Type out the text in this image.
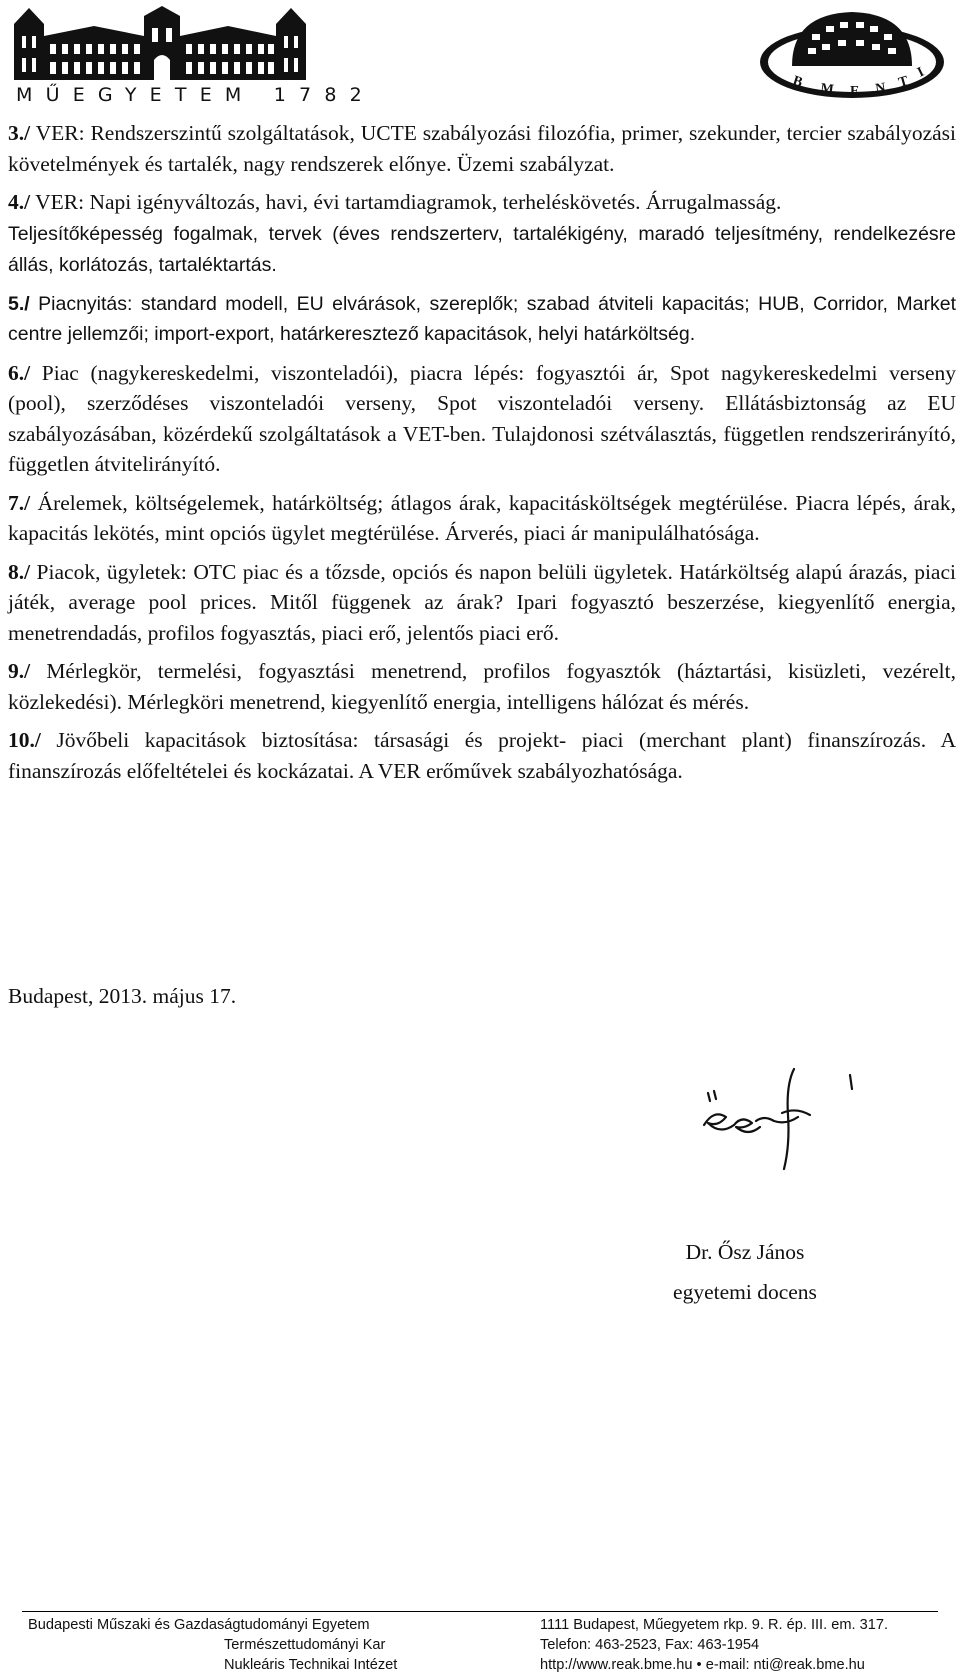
MŰEGYETEM 1782
B M E N T
I

3./ VER: Rendszerszintű szolgáltatások, UCTE szabályozási filozófia, primer, szekunder, tercier szabályozási követelmények és tartalék, nagy rendszerek előnye. Üzemi szabályzat.

4./ VER: Napi igényváltozás, havi, évi tartamdiagramok, terheléskövetés. Árrugalmasság.
Teljesítőképesség fogalmak, tervek (éves rendszerterv, tartalékigény, maradó teljesítmény, rendelkezésre állás, korlátozás, tartaléktartás.

5./ Piacnyitás: standard modell, EU elvárások, szereplők; szabad átviteli kapacitás; HUB, Corridor, Market centre jellemzői; import-export, határkeresztező kapacitások, helyi határköltség.

6./ Piac (nagykereskedelmi, viszonteladói), piacra lépés: fogyasztói ár, Spot nagykereskedelmi verseny (pool), szerződéses viszonteladói verseny, Spot viszonteladói verseny. Ellátásbiztonság az EU szabályozásában, közérdekű szolgáltatások a VET-ben. Tulajdonosi szétválasztás, független rendszerirányító, független átvitelirányító.

7./ Árelemek, költségelemek, határköltség; átlagos árak, kapacitásköltségek megtérülése. Piacra lépés, árak, kapacitás lekötés, mint opciós ügylet megtérülése. Árverés, piaci ár manipulálhatósága.

8./ Piacok, ügyletek: OTC piac és a tőzsde, opciós és napon belüli ügyletek. Határköltség alapú árazás, piaci játék, average pool prices. Mitől függenek az árak? Ipari fogyasztó beszerzése, kiegyenlítő energia, menetrendadás, profilos fogyasztás, piaci erő, jelentős piaci erő.

9./ Mérlegkör, termelési, fogyasztási menetrend, profilos fogyasztók (háztartási, kisüzleti, vezérelt, közlekedési). Mérlegköri menetrend, kiegyenlítő energia, intelligens hálózat és mérés.

10./ Jövőbeli kapacitások biztosítása: társasági és projekt- piaci (merchant plant) finanszírozás. A finanszírozás előfeltételei és kockázatai. A VER erőművek szabályozhatósága.

Budapest, 2013. május 17.
Dr. Ősz János
egyetemi docens
Budapesti Műszaki és Gazdaságtudományi Egyetem
Természettudományi Kar
Nukleáris Technikai Intézet
1111 Budapest, Műegyetem rkp. 9. R. ép. III. em. 317.
Telefon: 463-2523, Fax: 463-1954
http://www.reak.bme.hu • e-mail: nti@reak.bme.hu
